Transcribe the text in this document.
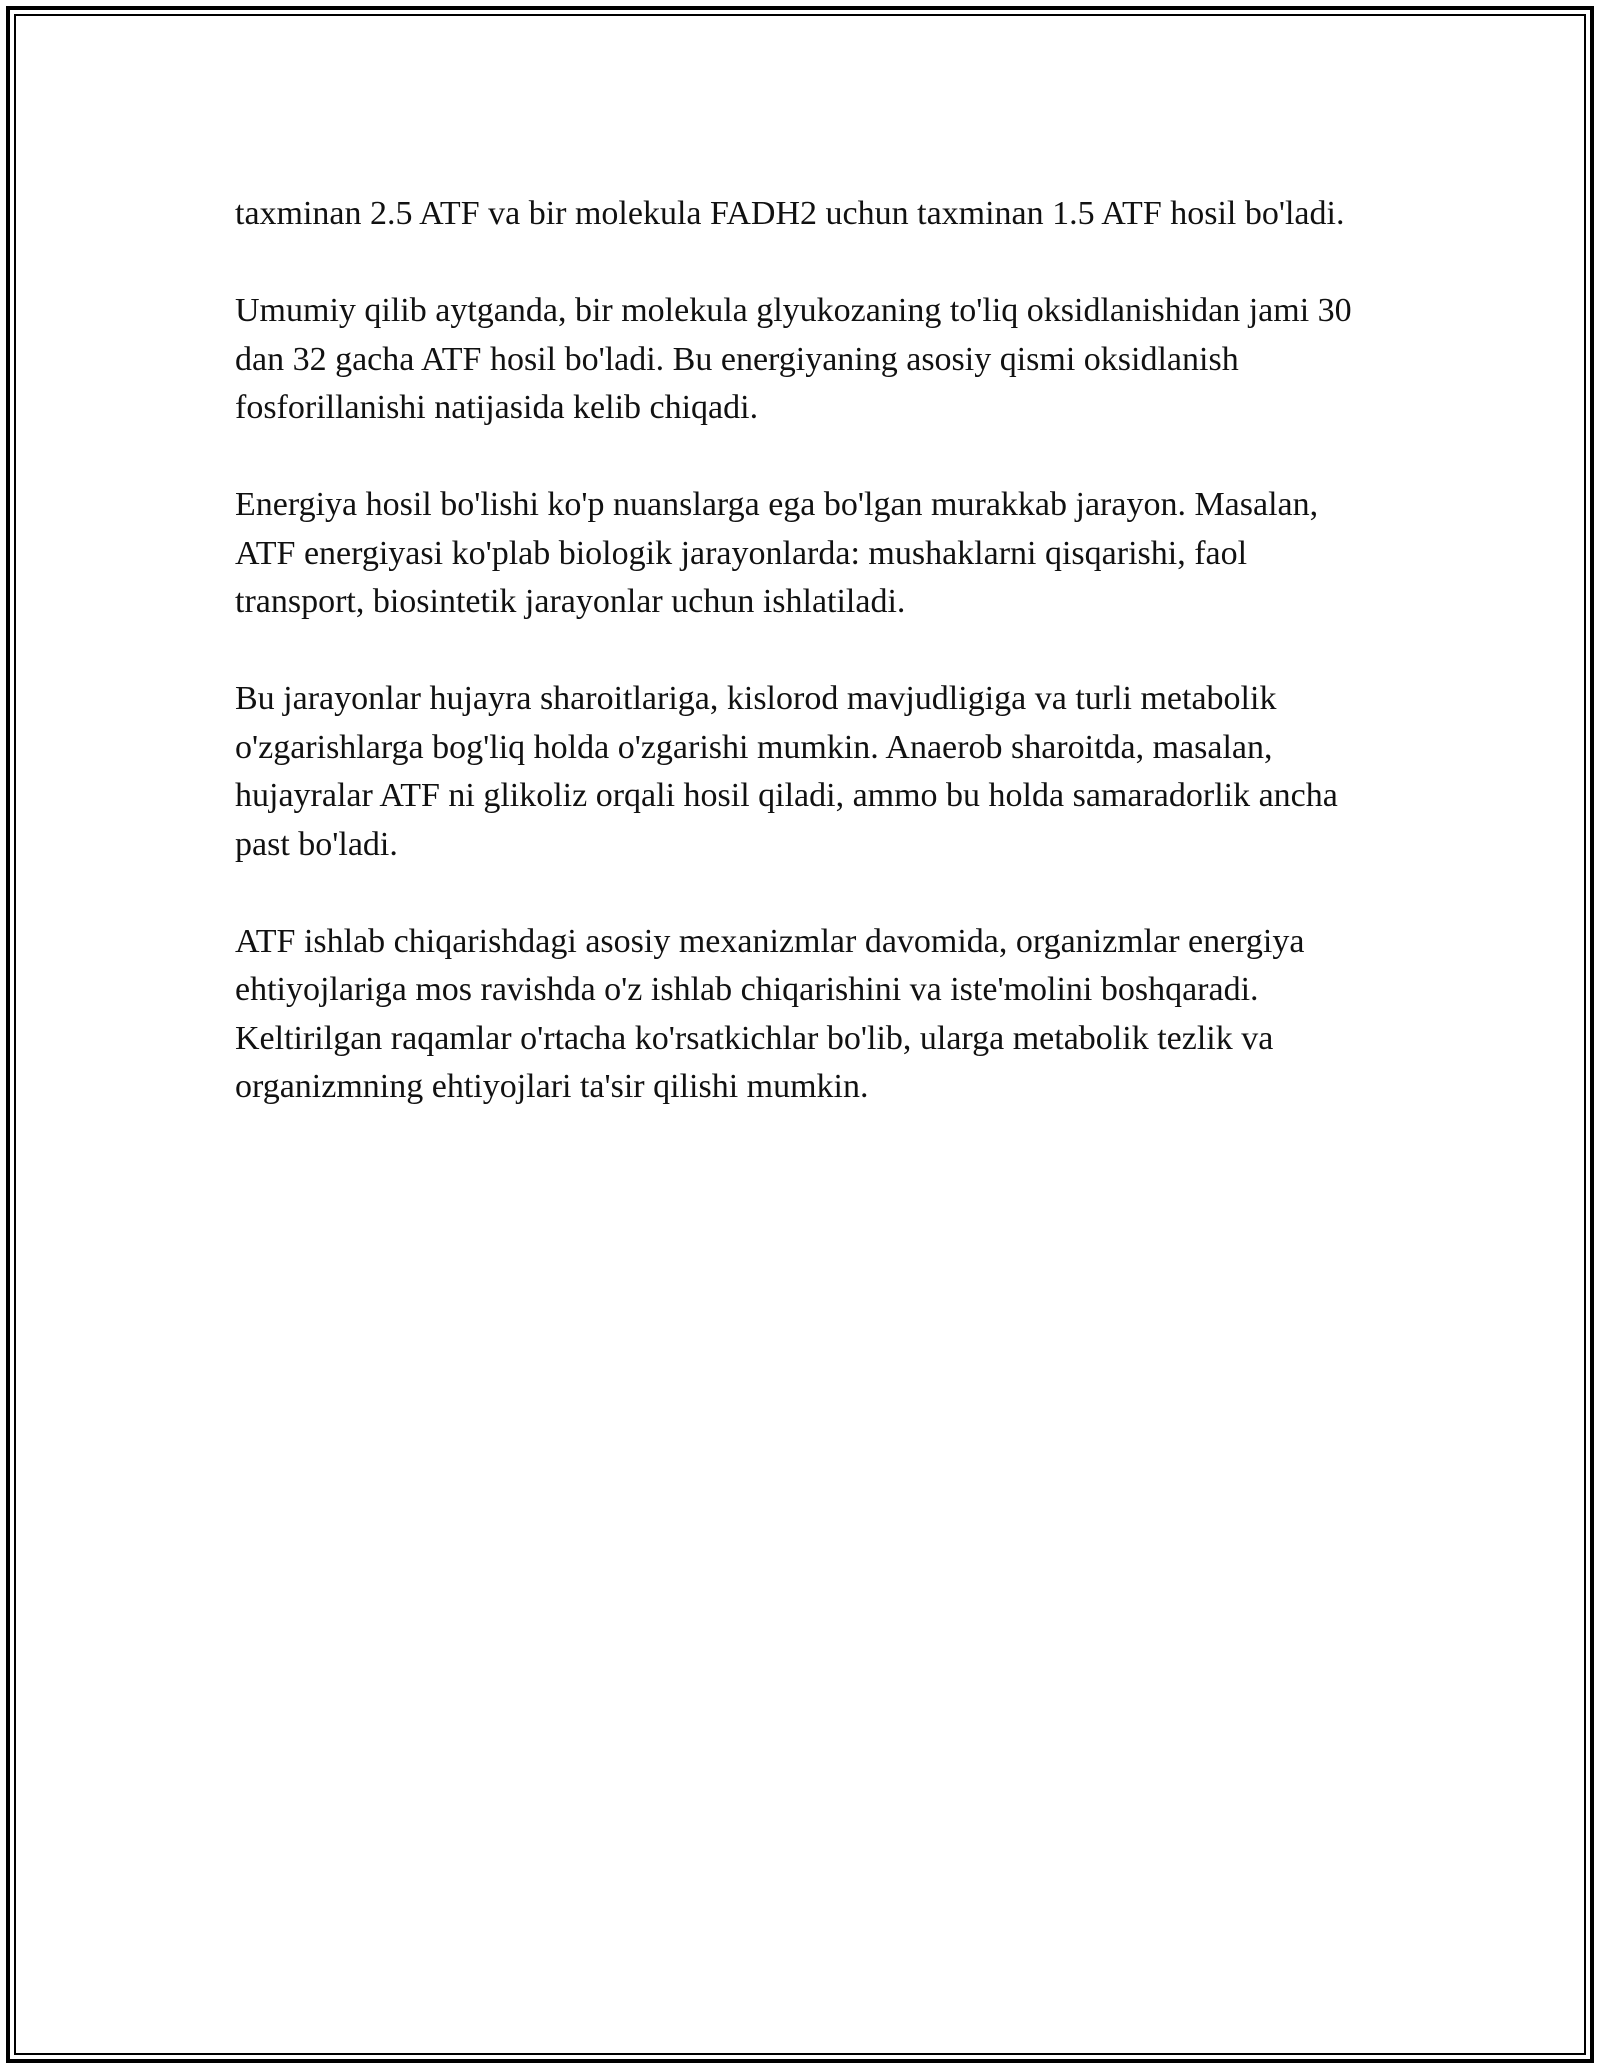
taxminan 2.5 ATF va bir molekula FADH2 uchun taxminan 1.5 ATF hosil bo'ladi.

Umumiy qilib aytganda, bir molekula glyukozaning to'liq oksidlanishidan jami 30 dan 32 gacha ATF hosil bo'ladi. Bu energiyaning asosiy qismi oksidlanish fosforillanishi natijasida kelib chiqadi.

Energiya hosil bo'lishi ko'p nuanslarga ega bo'lgan murakkab jarayon. Masalan, ATF energiyasi ko'plab biologik jarayonlarda: mushaklarni qisqarishi, faol transport, biosintetik jarayonlar uchun ishlatiladi.

Bu jarayonlar hujayra sharoitlariga, kislorod mavjudligiga va turli metabolik o'zgarishlarga bog'liq holda o'zgarishi mumkin. Anaerob sharoitda, masalan, hujayralar ATF ni glikoliz orqali hosil qiladi, ammo bu holda samaradorlik ancha past bo'ladi.

ATF ishlab chiqarishdagi asosiy mexanizmlar davomida, organizmlar energiya ehtiyojlariga mos ravishda o'z ishlab chiqarishini va iste'molini boshqaradi. Keltirilgan raqamlar o'rtacha ko'rsatkichlar bo'lib, ularga metabolik tezlik va organizmning ehtiyojlari ta'sir qilishi mumkin.
